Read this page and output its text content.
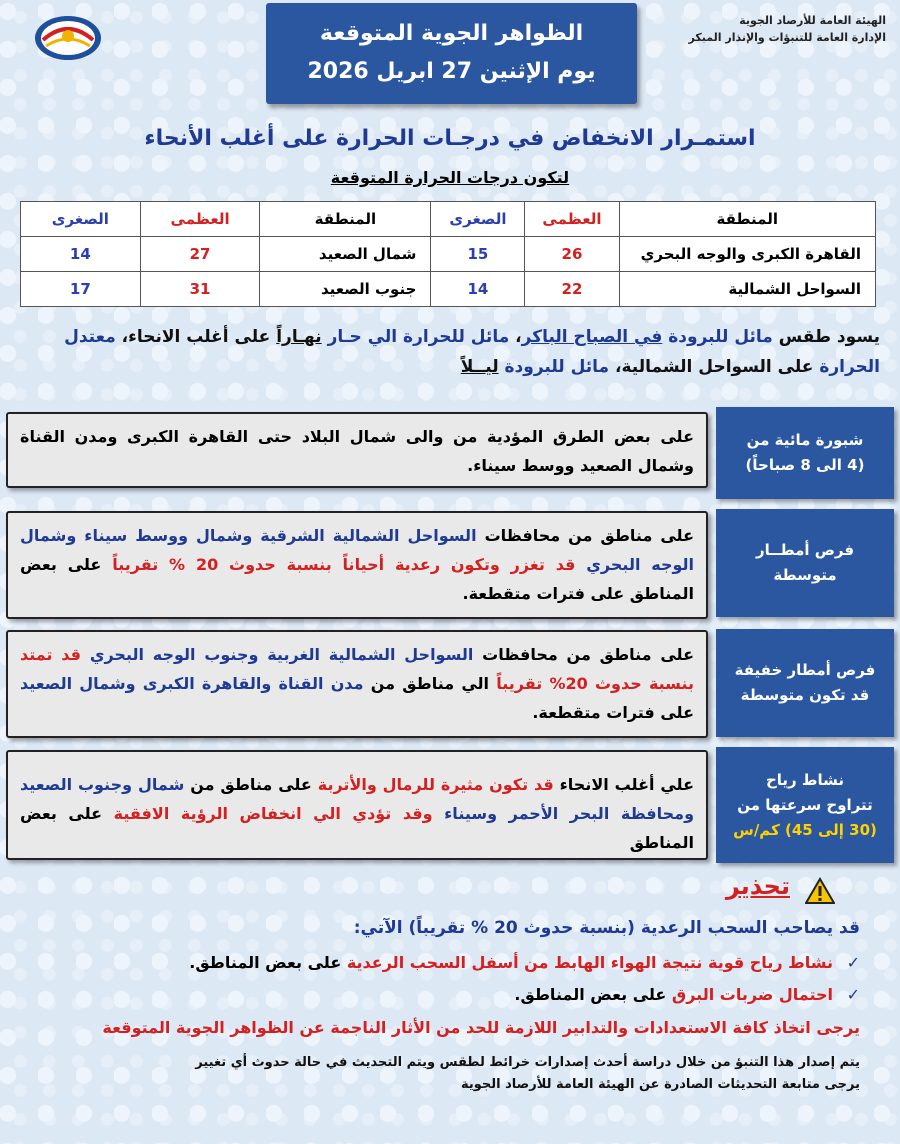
الهيئة العامة للأرصاد الجوية
الإدارة العامة للتنبؤات والإنذار المبكر
الظواهر الجوية المتوقعة
يوم الإثنين 27 ابريل 2026
استمـرار الانخفاض في درجـات الحرارة على أغلب الأنحاء
لتكون درجات الحرارة المتوقعة
المنطقة	العظمى	الصغرى	المنطقة	العظمى	الصغرى
القاهرة الكبرى والوجه البحري	26	15	شمال الصعيد	27	14
السواحل الشمالية	22	14	جنوب الصعيد	31	17
يسود طقس مائل للبرودة في الصباح الباكر، مائل للحرارة الي حـار نهـاراً على أغلب الانحاء، معتدل الحرارة على السواحل الشمالية، مائل للبرودة ليــلاً
شبورة مائية من
(4 الى 8 صباحاً)
على بعض الطرق المؤدية من والى شمال البلاد حتى القاهرة الكبرى ومدن القناة وشمال الصعيد ووسط سيناء.
فرص أمطــار
متوسطة
على مناطق من محافظات السواحل الشمالية الشرقية وشمال ووسط سيناء وشمال الوجه البحري قد تغزر وتكون رعدية أحياناً بنسبة حدوث 20 % تقريباً على بعض المناطق على فترات متقطعة.
فرص أمطار خفيفة
قد تكون متوسطة
على مناطق من محافظات السواحل الشمالية الغربية وجنوب الوجه البحري قد تمتد بنسبة حدوث 20% تقريباً الي مناطق من مدن القناة والقاهرة الكبرى وشمال الصعيد على فترات متقطعة.
نشاط رياح
تتراوح سرعتها من
(30 إلى 45) كم/س
علي أغلب الانحاء قد تكون مثيرة للرمال والأتربة على مناطق من شمال وجنوب الصعيد ومحافظة البحر الأحمر وسيناء وقد تؤدي الي انخفاض الرؤية الافقية على بعض المناطق
تحذير
قد يصاحب السحب الرعدية (بنسبة حدوث 20 % تقريباً) الآتي:
✓ نشاط رياح قوية نتيجة الهواء الهابط من أسفل السحب الرعدية على بعض المناطق.
✓ احتمال ضربات البرق على بعض المناطق.
يرجى اتخاذ كافة الاستعدادات والتدابير اللازمة للحد من الأثار الناجمة عن الظواهر الجوية المتوقعة
يتم إصدار هذا التنبؤ من خلال دراسة أحدث إصدارات خرائط لطقس ويتم التحديث في حالة حدوث أي تغيير
يرجى متابعة التحديثات الصادرة عن الهيئة العامة للأرصاد الجوية
